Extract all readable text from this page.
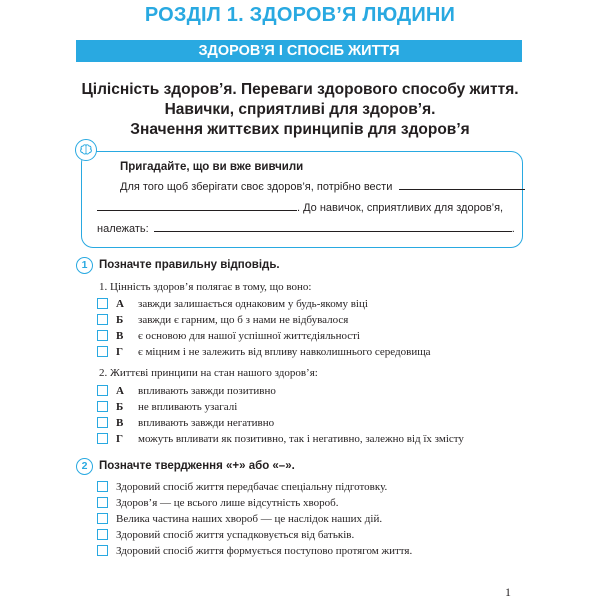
РОЗДІЛ 1. ЗДОРОВ’Я ЛЮДИНИ
ЗДОРОВ’Я І СПОСІБ ЖИТТЯ
Цілісність здоров’я. Переваги здорового способу життя.
Навички, сприятливі для здоров’я.
Значення життєвих принципів для здоров’я
Пригадайте, що ви вже вивчили
Для того щоб зберігати своє здоров’я, потрібно вести
. До навичок, сприятливих для здоров’я,
належать:	.
1	Позначте правильну відповідь.
1. Цінність здоров’я полягає в тому, що воно:
А	завжди залишається однаковим у будь-якому віці
Б	завжди є гарним, що б з нами не відбувалося
В	є основою для нашої успішної життєдіяльності
Г	є міцним і не залежить від впливу навколишнього середовища
2. Життєві принципи на стан нашого здоров’я:
А	впливають завжди позитивно
Б	не впливають узагалі
В	впливають завжди негативно
Г	можуть впливати як позитивно, так і негативно, залежно від їх змісту
2	Позначте твердження «+» або «–».
Здоровий спосіб життя передбачає спеціальну підготовку.
Здоров’я — це всього лише відсутність хвороб.
Велика частина наших хвороб — це наслідок наших дій.
Здоровий спосіб життя успадковується від батьків.
Здоровий спосіб життя формується поступово протягом життя.
1
